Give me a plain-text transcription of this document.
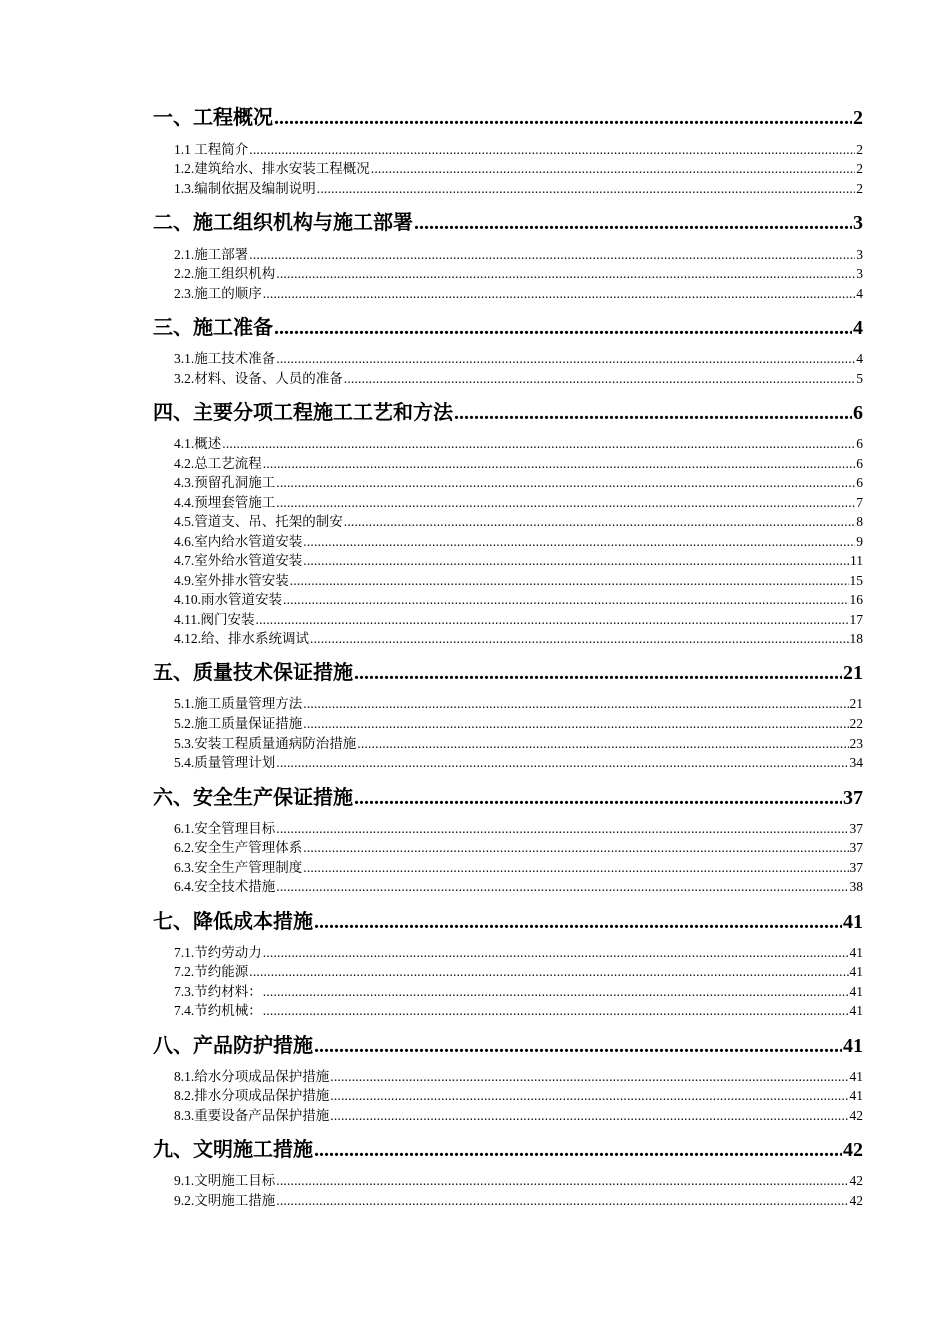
一、 工程概况 .....	2
1.1 工程简介 .....	2
1.2.建筑给水、排水安装工程概况 .....	2
1.3.编制依据及编制说明 .....	2
二、 施工组织机构与施工部署 .....	3
2.1.施工部署 .....	3
2.2.施工组织机构 .....	3
2.3.施工的顺序 .....	4
三、 施工准备 .....	4
3.1.施工技术准备 .....	4
3.2.材料、设备、人员的准备 .....	5
四、 主要分项工程施工工艺和方法 .....	6
4.1.概述 .....	6
4.2.总工艺流程 .....	6
4.3.预留孔洞施工 .....	6
4.4.预埋套管施工 .....	7
4.5.管道支、吊、托架的制安 .....	8
4.6.室内给水管道安装 .....	9
4.7.室外给水管道安装 .....	11
4.9.室外排水管安装 .....	15
4.10.雨水管道安装 .....	16
4.11.阀门安装 .....	17
4.12.给、排水系统调试 .....	18
五、 质量技术保证措施 .....	21
5.1.施工质量管理方法 .....	21
5.2.施工质量保证措施 .....	22
5.3.安装工程质量通病防治措施 .....	23
5.4.质量管理计划 .....	34
六、 安全生产保证措施 .....	37
6.1.安全管理目标 .....	37
6.2.安全生产管理体系 .....	37
6.3.安全生产管理制度 .....	37
6.4.安全技术措施 .....	38
七、 降低成本措施 .....	41
7.1.节约劳动力 .....	41
7.2.节约能源 .....	41
7.3.节约材料： .....	41
7.4.节约机械： .....	41
八、 产品防护措施 .....	41
8.1.给水分项成品保护措施 .....	41
8.2.排水分项成品保护措施 .....	41
8.3.重要设备产品保护措施 .....	42
九、 文明施工措施 .....	42
9.1.文明施工目标 .....	42
9.2.文明施工措施 .....	42
